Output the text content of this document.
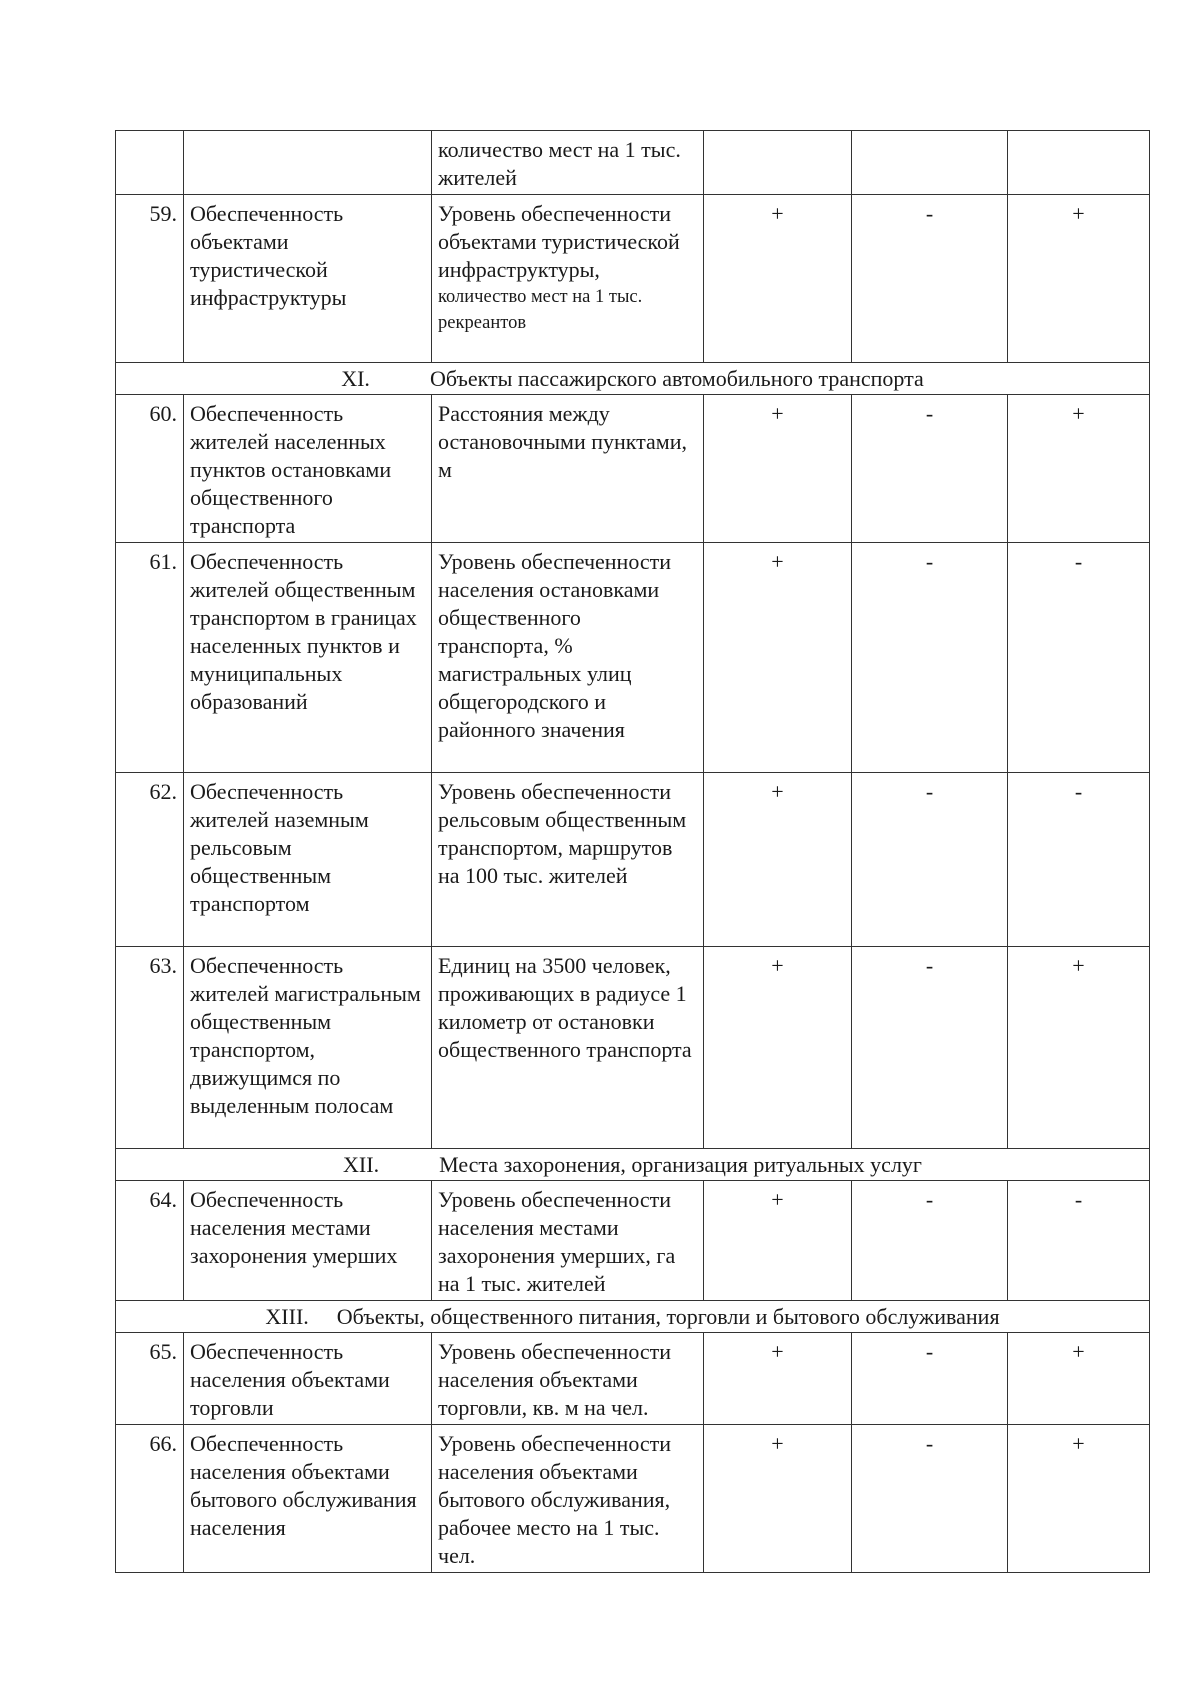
		количество мест на 1 тыс. жителей			
59.	Обеспеченность объектами туристической инфраструктуры	Уровень обеспеченности объектами туристической инфраструктуры,
количество мест на 1 тыс. рекреантов	+	-	+
XI. Объекты пассажирского автомобильного транспорта					
60.	Обеспеченность жителей населенных пунктов остановками общественного транспорта	Расстояния между остановочными пунктами, м	+	-	+
61.	Обеспеченность жителей общественным транспортом в границах населенных пунктов и муниципальных образований	Уровень обеспеченности населения остановками общественного транспорта, % магистральных улиц общегородского и районного значения	+	-	-
62.	Обеспеченность жителей наземным рельсовым общественным транспортом	Уровень обеспеченности рельсовым общественным транспортом, маршрутов на 100 тыс. жителей	+	-	-
63.	Обеспеченность жителей магистральным общественным транспортом, движущимся по выделенным полосам	Единиц на 3500 человек, проживающих в радиусе 1 километр от остановки общественного транспорта	+	-	+
XII. Места захоронения, организация ритуальных услуг					
64.	Обеспеченность населения местами захоронения умерших	Уровень обеспеченности населения местами захоронения умерших, га на 1 тыс. жителей	+	-	-
XIII. Объекты, общественного питания, торговли и бытового обслуживания					
65.	Обеспеченность населения объектами торговли	Уровень обеспеченности населения объектами торговли, кв. м на чел.	+	-	+
66.	Обеспеченность населения объектами бытового обслуживания населения	Уровень обеспеченности населения объектами бытового обслуживания, рабочее место на 1 тыс. чел.	+	-	+
